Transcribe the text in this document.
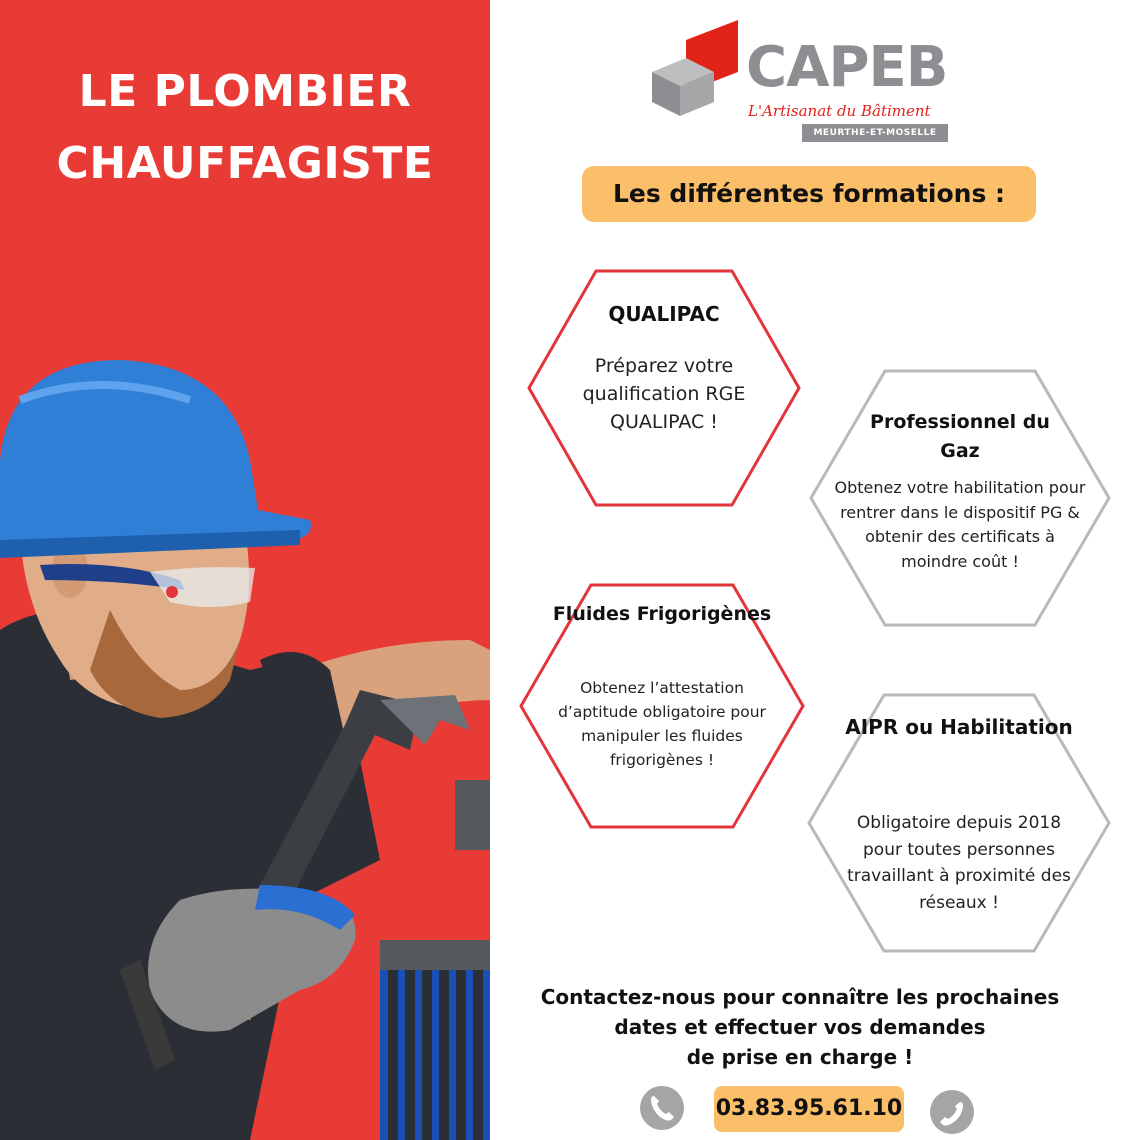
LE PLOMBIER
CHAUFFAGISTE
CAPEB
L'Artisanat du Bâtiment
MEURTHE-ET-MOSELLE
Les différentes formations :
QUALIPAC
Préparez votre qualification RGE QUALIPAC !	Professionnel du Gaz
Obtenez votre habilitation pour rentrer dans le dispositif PG & obtenir des certificats à moindre coût !
Fluides Frigorigènes
Obtenez l’attestation d’aptitude obligatoire pour manipuler les fluides frigorigènes !
AIPR ou Habilitation
Obligatoire depuis 2018 pour toutes personnes travaillant à proximité des réseaux !
Contactez-nous pour connaître les prochaines
dates et effectuer vos demandes
de prise en charge !
03.83.95.61.10
